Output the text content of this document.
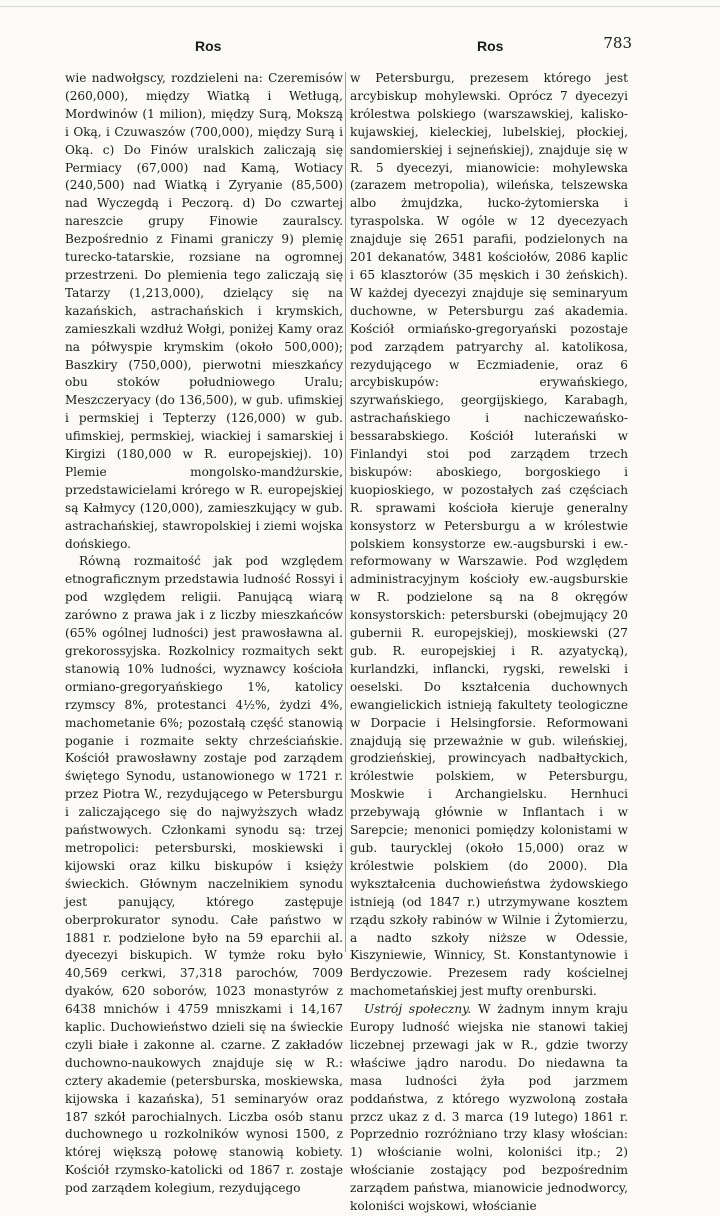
Ros	Ros	783

wie nadwołgscy, rozdzieleni na: Czeremisów (260,000), między Wiatką i Wetługą, Mordwinów (1 milion), między Surą, Mokszą i Oką, i Czuwaszów (700,000), między Surą i Oką. c) Do Finów uralskich zaliczają się Permiacy (67,000) nad Kamą, Wotiacy (240,500) nad Wiatką i Zyryanie (85,500) nad Wyczegdą i Peczorą. d) Do czwartej nareszcie grupy Finowie zauralscy. Bezpośrednio z Finami graniczy 9) plemię turecko-tatarskie, rozsiane na ogromnej przestrzeni. Do plemienia tego zaliczają się Tatarzy (1,213,000), dzielący się na kazańskich, astrachańskich i krymskich, zamieszkali wzdłuż Wołgi, poniżej Kamy oraz na półwyspie krymskim (około 500,000); Baszkiry (750,000), pierwotni mieszkańcy obu stoków południowego Uralu; Meszczeryacy (do 136,500), w gub. ufimskiej i permskiej i Tepterzy (126,000) w gub. ufimskiej, permskiej, wiackiej i samarskiej i Kirgizi (180,000 w R. europejskiej). 10) Plemie mongolsko-mandżurskie, przedstawicielami krórego w R. europejskiej są Kałmycy (120,000), zamieszkujący w gub. astrachańskiej, stawropolskiej i ziemi wojska dońskiego.

Równą rozmaitość jak pod względem etnograficznym przedstawia ludność Rossyi i pod względem religii. Panującą wiarą zarówno z prawa jak i z liczby mieszkańców (65% ogólnej ludności) jest prawosławna al. grekorossyjska. Rozkolnicy rozmaitych sekt stanowią 10% ludności, wyznawcy kościoła ormiano-gregoryańskiego 1%, katolicy rzymscy 8%, protestanci 4½%, żydzi 4%, machometanie 6%; pozostałą część stanowią poganie i rozmaite sekty chrześciańskie. Kościół prawosławny zostaje pod zarządem świętego Synodu, ustanowionego w 1721 r. przez Piotra W., rezydującego w Petersburgu i zaliczającego się do najwyższych władz państwowych. Członkami synodu są: trzej metropolici: petersburski, moskiewski i kijowski oraz kilku biskupów i księży świeckich. Głównym naczelnikiem synodu jest panujący, którego zastępuje oberprokurator synodu. Całe państwo w 1881 r. podzielone było na 59 eparchii al. dyecezyi biskupich. W tymże roku było 40,569 cerkwi, 37,318 parochów, 7009 dyaków, 620 soborów, 1023 monastyrów z 6438 mnichów i 4759 mniszkami i 14,167 kaplic. Duchowieństwo dzieli się na świeckie czyli białe i zakonne al. czarne. Z zakładów duchowno-naukowych znajduje się w R.: cztery akademie (petersburska, moskiewska, kijowska i kazańska), 51 seminaryów oraz 187 szkół parochialnych. Liczba osób stanu duchownego u rozkolników wynosi 1500, z której większą połowę stanowią kobiety. Kościół rzymsko-katolicki od 1867 r. zostaje pod zarządem kolegium, rezydującego

w Petersburgu, prezesem którego jest arcybiskup mohylewski. Oprócz 7 dyecezyi królestwa polskiego (warszawskiej, kalisko-kujawskiej, kieleckiej, lubelskiej, płockiej, sandomierskiej i sejneńskiej), znajduje się w R. 5 dyecezyi, mianowicie: mohylewska (zarazem metropolia), wileńska, telszewska albo żmujdzka, łucko-żytomierska i tyraspolska. W ogóle w 12 dyecezyach znajduje się 2651 parafii, podzielonych na 201 dekanatów, 3481 kościołów, 2086 kaplic i 65 klasztorów (35 męskich i 30 żeńskich). W każdej dyecezyi znajduje się seminaryum duchowne, w Petersburgu zaś akademia. Kościół ormiańsko-gregoryański pozostaje pod zarządem patryarchy al. katolikosa, rezydującego w Eczmiadenie, oraz 6 arcybiskupów: erywańskiego, szyrwańskiego, georgijskiego, Karabagh, astrachańskiego i nachiczewańsko-bessarabskiego. Kościół luterański w Finlandyi stoi pod zarządem trzech biskupów: aboskiego, borgoskiego i kuopioskiego, w pozostałych zaś częściach R. sprawami kościoła kieruje generalny konsystorz w Petersburgu a w królestwie polskiem konsystorze ew.-augsburski i ew.-reformowany w Warszawie. Pod względem administracyjnym kościoły ew.-augsburskie w R. podzielone są na 8 okręgów konsystorskich: petersburski (obejmujący 20 gubernii R. europejskiej), moskiewski (27 gub. R. europejskiej i R. azyatycką), kurlandzki, inflancki, rygski, rewelski i oeselski. Do kształcenia duchownych ewangielickich istnieją fakultety teologiczne w Dorpacie i Helsingforsie. Reformowani znajdują się przeważnie w gub. wileńskiej, grodzieńskiej, prowincyach nadbałtyckich, królestwie polskiem, w Petersburgu, Moskwie i Archangielsku. Hernhuci przebywają głównie w Inflantach i w Sarepcie; menonici pomiędzy kolonistami w gub. taurycklej (około 15,000) oraz w królestwie polskiem (do 2000). Dla wykształcenia duchowieństwa żydowskiego istnieją (od 1847 r.) utrzymywane kosztem rządu szkoły rabinów w Wilnie i Żytomierzu, a nadto szkoły niższe w Odessie, Kiszyniewie, Winnicy, St. Konstantynowie i Berdyczowie. Prezesem rady kościelnej machometańskiej jest mufty orenburski.

Ustrój społeczny. W żadnym innym kraju Europy ludność wiejska nie stanowi takiej liczebnej przewagi jak w R., gdzie tworzy właściwe jądro narodu. Do niedawna ta masa ludności żyła pod jarzmem poddaństwa, z którego wyzwoloną została przcz ukaz z d. 3 marca (19 lutego) 1861 r. Poprzednio rozróżniano trzy klasy włościan: 1) włościanie wolni, koloniści itp.; 2) włościanie zostający pod bezpośrednim zarządem państwa, mianowicie jednodworcy, koloniści wojskowi, włościanie
